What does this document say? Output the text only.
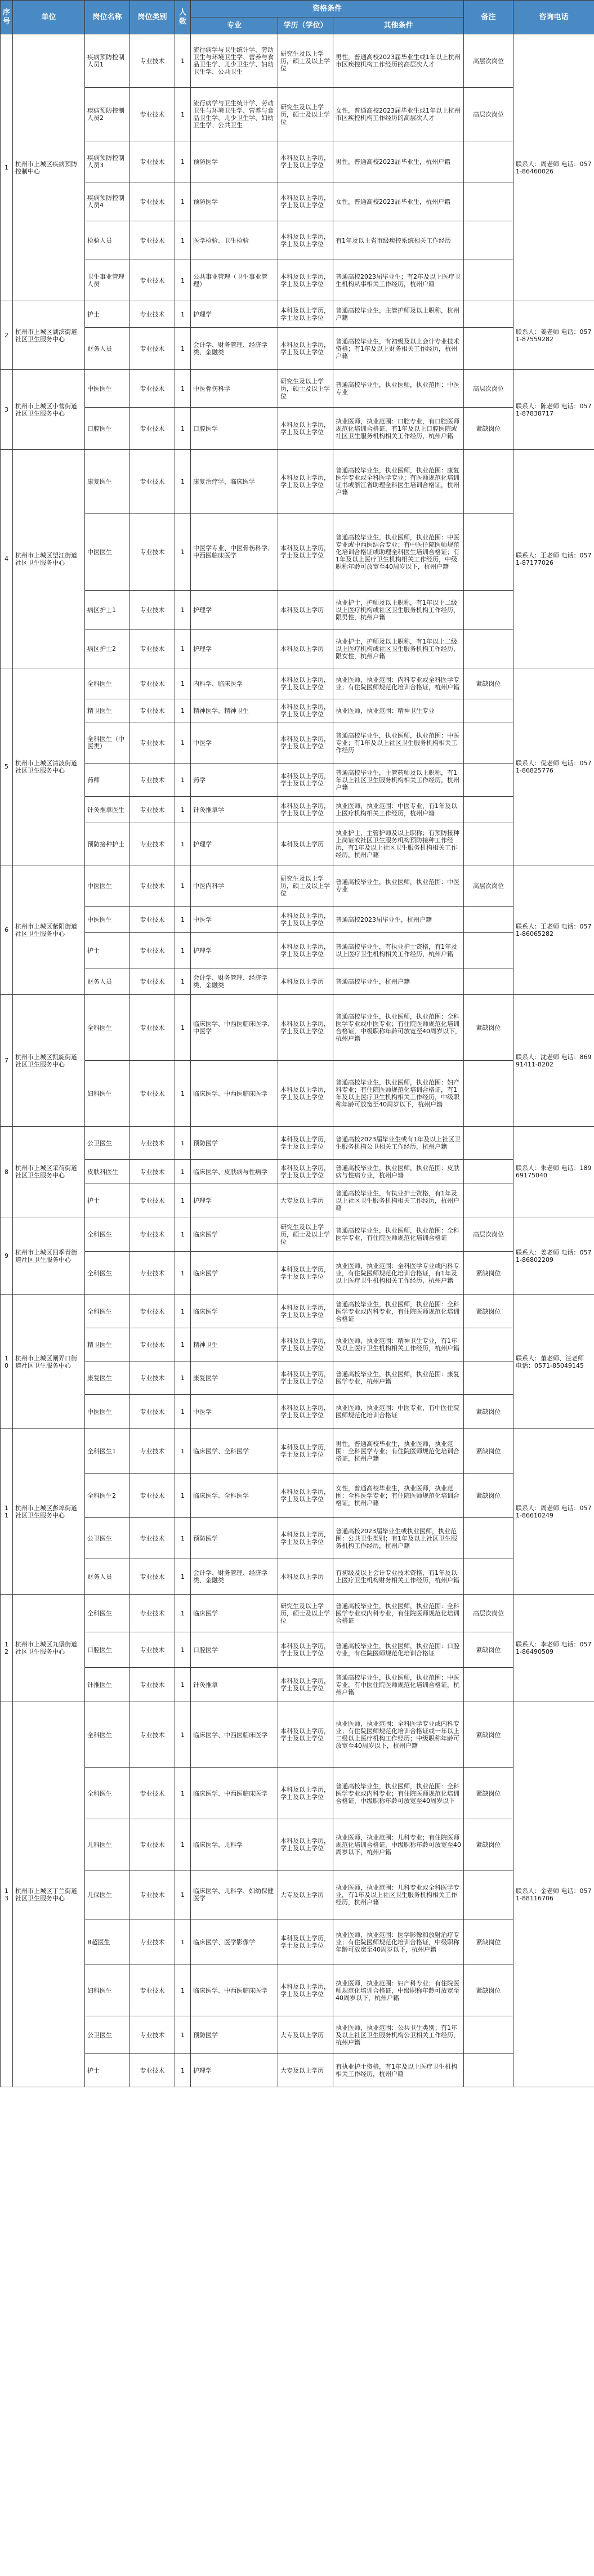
序号	单位	岗位名称	岗位类别	人数	资格条件			备注	咨询电话
					专业	学历（学位）	其他条件		
1	杭州市上城区疾病预防控制中心	疾病预防控制人员1	专业技术	1	流行病学与卫生统计学、劳动卫生与环境卫生学、营养与食品卫生学、儿少卫生学、妇幼卫生学、公共卫生	研究生及以上学历，硕士及以上学位	男性，普通高校2023届毕业生或1年以上杭州市区疾控机构工作经历的高层次人才	高层次岗位	联系人：周老师 电话：0571-86460026
		疾病预防控制人员2	专业技术	1	流行病学与卫生统计学、劳动卫生与环境卫生学、营养与食品卫生学、儿少卫生学、妇幼卫生学、公共卫生	研究生及以上学历，硕士及以上学位	女性，普通高校2023届毕业生或1年以上杭州市区疾控机构工作经历的高层次人才	高层次岗位	
		疾病预防控制人员3	专业技术	1	预防医学	本科及以上学历，学士及以上学位	男性，普通高校2023届毕业生，杭州户籍		
		疾病预防控制人员4	专业技术	1	预防医学	本科及以上学历，学士及以上学位	女性，普通高校2023届毕业生，杭州户籍		
		检验人员	专业技术	1	医学检验、卫生检验	本科及以上学历，学士及以上学位	有1年及以上省市级疾控系统相关工作经历		
		卫生事业管理人员	专业技术	1	公共事业管理（卫生事业管理）	本科及以上学历，学士及以上学位	普通高校2023届毕业生；有2年及以上医疗卫生机构从事相关工作经历，杭州户籍		
2	杭州市上城区湖滨街道社区卫生服务中心	护士	专业技术	1	护理学	本科及以上学历，学士及以上学位	普通高校毕业生，主管护师及以上职称，杭州户籍		联系人：姜老师 电话：0571-87559282
		财务人员	专业技术	1	会计学、财务管理、经济学类、金融类	本科及以上学历，学士及以上学位	普通高校毕业生，有初级及以上会计专业技术资格；有1年及以上财务相关工作经历，杭州户籍		
3	杭州市上城区小营街道社区卫生服务中心	中医医生	专业技术	1	中医骨伤科学	研究生及以上学历，硕士及以上学位	普通高校毕业生，执业医师，执业范围：中医专业	高层次岗位	联系人：陈老师 电话：0571-87838717
		口腔医生	专业技术	1	口腔医学	本科及以上学历，学士及以上学位	执业医师，执业范围：口腔专业，有口腔医师规范化培训合格证，有1年及以上口腔医院或社区卫生服务机构相关工作经历，杭州户籍	紧缺岗位	
4	杭州市上城区望江街道社区卫生服务中心	康复医生	专业技术	1	康复治疗学、临床医学	本科及以上学历，学士及以上学位	普通高校毕业生，执业医师，执业范围：康复医学专业或全科医学专业；有医师规范化培训证书或浙江省助理全科医生培训合格证，杭州户籍		联系人：王老师 电话：0571-87177026
		中医医生	专业技术	1	中医学专业、中医骨伤科学、中西医临床医学	本科及以上学历，学士及以上学位	普通高校毕业生，执业医师，执业范围：中医专业或中西医结合专业；有中医住院医师规范化培训合格证或助理全科医生培训合格证；有1年及以上医疗卫生机构相关工作经历，中级职称年龄可放宽至40周岁以下，杭州户籍		
		病区护士1	专业技术	1	护理学	本科及以上学历	执业护士，护师及以上职称，有1年以上二级以上医疗机构或社区卫生服务机构工作经历，限男性，杭州户籍		
		病区护士2	专业技术	1	护理学	本科及以上学历	执业护士，护师及以上职称，有1年以上二级以上医疗机构或社区卫生服务机构工作经历，限女性，杭州户籍		
5	杭州市上城区清波街道社区卫生服务中心	全科医生	专业技术	1	内科学、临床医学	本科及以上学历，学士及以上学位	执业医师，执业范围：内科专业或全科医学专业；有住院医师规范化培训合格证，杭州户籍	紧缺岗位	联系人：倪老师 电话：0571-86825776
		精卫医生	专业技术	1	精神医学、精神卫生	本科及以上学历，学士及以上学位	执业医师，执业范围：精神卫生专业		
		全科医生（中医类）	专业技术	1	中医学	本科及以上学历，学士及以上学位	普通高校毕业生，执业医师，执业范围：中医专业；有1年及以上社区卫生服务机构相关工作经历		
		药师	专业技术	1	药学	本科及以上学历，学士及以上学位	普通高校毕业生，主管药师及以上职称，有1年以上社区卫生服务机构相关工作经历，杭州户籍		
		针灸推拿医生	专业技术	1	针灸推拿学	本科及以上学历，学士及以上学位	执业医师，执业范围：中医专业，有1年及以上医疗机构相关工作经历，杭州户籍		
		预防接种护士	专业技术	1	护理学	本科及以上学历	执业护士，主管护师及以上职称；有预防接种上岗证或社区卫生服务机构预防接种工作经历，有1年及以上社区卫生服务机构相关工作经历，杭州户籍		
6	杭州市上城区紫阳街道社区卫生服务中心	中医医生	专业技术	1	中医内科学	研究生及以上学历，硕士及以上学位	普通高校毕业生，执业医师，执业范围：中医专业	高层次岗位	联系人：王老师 电话：0571-86065282
		中医医生	专业技术	1	中医学	本科及以上学历，学士及以上学位	普通高校2023届毕业生，杭州户籍		
		护士	专业技术	1	护理学	本科及以上学历，学士及以上学位	普通高校毕业生，有执业护士资格，有1年及以上医疗卫生机构相关工作经历，杭州户籍		
		财务人员	专业技术	1	会计学、财务管理、经济学类、金融类	本科及以上学历	普通高校毕业生，杭州户籍		
7	杭州市上城区凯旋街道社区卫生服务中心	全科医生	专业技术	1	临床医学、中西医临床医学、中医学	本科及以上学历，学士及以上学位	普通高校毕业生，执业医师，执业范围：全科医学专业或中医专业；有住院医师规范化培训合格证，中级职称年龄可放宽至40周岁以下，杭州户籍	紧缺岗位	联系人：沈老师 电话：86991411-8202
		妇科医生	专业技术	1	临床医学、中西医临床医学	本科及以上学历，学士及以上学位	普通高校毕业生，执业医师，执业范围：妇产科专业；有住院医师规范化培训合格证，有1年及以上医疗卫生机构相关工作经历，中级职称年龄可放宽至40周岁以下，杭州户籍		
8	杭州市上城区采荷街道社区卫生服务中心	公卫医生	专业技术	1	预防医学	本科及以上学历，学士及以上学位	普通高校2023届毕业生或有1年及以上社区卫生服务机构公卫相关工作经历，杭州户籍		联系人：朱老师 电话：18969175040
		皮肤科医生	专业技术	1	临床医学、皮肤病与性病学	本科及以上学历，学士及以上学位	普通高校毕业生，执业医师，执业范围：皮肤病与性病专业，杭州户籍		
		护士	专业技术	1	护理学	大专及以上学历	普通高校毕业生，有执业护士资格，有1年及以上社区卫生服务机构相关工作经历，杭州户籍		
9	杭州市上城区四季青街道社区卫生服务中心	全科医生	专业技术	1	临床医学	研究生及以上学历，硕士及以上学位	普通高校毕业生，执业医师，执业范围：全科医学专业，有住院医师规范化培训合格证	高层次岗位	联系人：姜老师 电话：0571-86802209
		全科医生	专业技术	1	临床医学	本科及以上学历，学士及以上学位	执业医师，执业范围：全科医学专业或内科专业，有住院医师规范化培训合格证，有1年及以上医疗卫生机构相关工作经历，杭州户籍	紧缺岗位	
10	杭州市上城区闸弄口街道社区卫生服务中心	全科医生	专业技术	1	临床医学	本科及以上学历，学士及以上学位	普通高校毕业生，执业医师，执业范围：全科医学专业或内科专业，有住院医师规范化培训合格证	紧缺岗位	联系人：董老师、汪老师 电话：0571-85049145
		精卫医生	专业技术	1	精神卫生	本科及以上学历，学士及以上学位	执业医师，执业范围：精神卫生专业，有1年及以上医疗卫生机构相关工作经历，杭州户籍		
		康复医生	专业技术	1	康复医学	本科及以上学历，学士及以上学位	普通高校毕业生，执业医师，执业范围：康复医学专业，杭州户籍		
		中医医生	专业技术	1	中医学	本科及以上学历，学士及以上学位	执业医师，执业范围：中医专业，有中医住院医师规范化培训合格证	紧缺岗位	
11	杭州市上城区彭埠街道社区卫生服务中心	全科医生1	专业技术	1	临床医学、全科医学	本科及以上学历，学士及以上学位	男性，普通高校毕业生，执业医师，执业范围：全科医学专业；有住院医师规范化培训合格证，杭州户籍	紧缺岗位	联系人：周老师 电话：0571-86610249
		全科医生2	专业技术	1	临床医学、全科医学	本科及以上学历，学士及以上学位	女性，普通高校毕业生，执业医师，执业范围：全科医学专业；有住院医师规范化培训合格证，杭州户籍	紧缺岗位	
		公卫医生	专业技术	1	预防医学	本科及以上学历，学士及以上学位	普通高校2023届毕业生或执业医师，执业范围：公共卫生类别；有1年及以上社区卫生服务机构工作经历，杭州户籍		
		财务人员	专业技术	1	会计学、财务管理、经济学类、金融类	本科及以上学历	有初级及以上会计专业技术资格，有1年及以上医疗卫生机构财务相关工作经历，杭州户籍		
12	杭州市上城区九堡街道社区卫生服务中心	全科医生	专业技术	1	临床医学	研究生及以上学历，硕士及以上学位	普通高校毕业生，执业医师，执业范围：全科医学专业或内科专业，有住院医师规范化培训合格证	高层次岗位	联系人：李老师 电话：0571-86490509
		口腔医生	专业技术	1	口腔医学	本科及以上学历，学士及以上学位	普通高校毕业生，执业医师，执业范围：口腔专业，有住院医师规范化培训合格证	紧缺岗位	
		针推医生	专业技术	1	针灸推拿	本科及以上学历，学士及以上学位	普通高校毕业生，执业医师，执业范围：中医专业，有中医住院医师规范化培训合格证，杭州户籍		
13	杭州市上城区丁兰街道社区卫生服务中心	全科医生	专业技术	1	临床医学、中西医临床医学	本科及以上学历，学士及以上学位	执业医师，执业范围：全科医学专业或内科专业；有住院医师规范化培训合格证或一年以上二级以上医疗机构工作经历；中级职称年龄可放宽至40周岁以下，杭州户籍	紧缺岗位	联系人：金老师 电话：0571-88116706
		全科医生	专业技术	1	临床医学、中西医临床医学	本科及以上学历，学士及以上学位	普通高校毕业生，执业医师，执业范围：全科医学专业或内科专业；有住院医师规范化培训合格证，中级职称年龄可放宽至40周岁以下	紧缺岗位	
		儿科医生	专业技术	1	临床医学、儿科学	本科及以上学历，学士及以上学位	执业医师，执业范围：儿科专业；有住院医师规范化培训合格证，中级职称年龄可放宽至40周岁以下，杭州户籍	紧缺岗位	
		儿保医生	专业技术	1	临床医学、儿科学、妇幼保健医学	大专及以上学历	执业医师，执业范围：儿科专业或全科医学专业，有1年及以上社区卫生服务机构相关工作经历，杭州户籍		
		B超医生	专业技术	1	临床医学、医学影像学	本科及以上学历，学士及以上学位	执业医师，执业范围：医学影像和放射治疗专业；有住院医师规范化培训合格证，中级职称年龄可放宽至40周岁以下，杭州户籍	紧缺岗位	
		妇科医生	专业技术	1	临床医学、中西医临床医学	本科及以上学历，学士及以上学位	执业医师，执业范围：妇产科专业；有住院医师规范化培训合格证，中级职称年龄可放宽至40周岁以下，杭州户籍	紧缺岗位	
		公卫医生	专业技术	1	预防医学	大专及以上学历	执业医师，执业范围：公共卫生类别；有1年及以上社区卫生服务机构公卫相关工作经历，杭州户籍		
		护士	专业技术	1	护理学	大专及以上学历	有执业护士资格，有1年及以上医疗卫生机构相关工作经历，杭州户籍		
